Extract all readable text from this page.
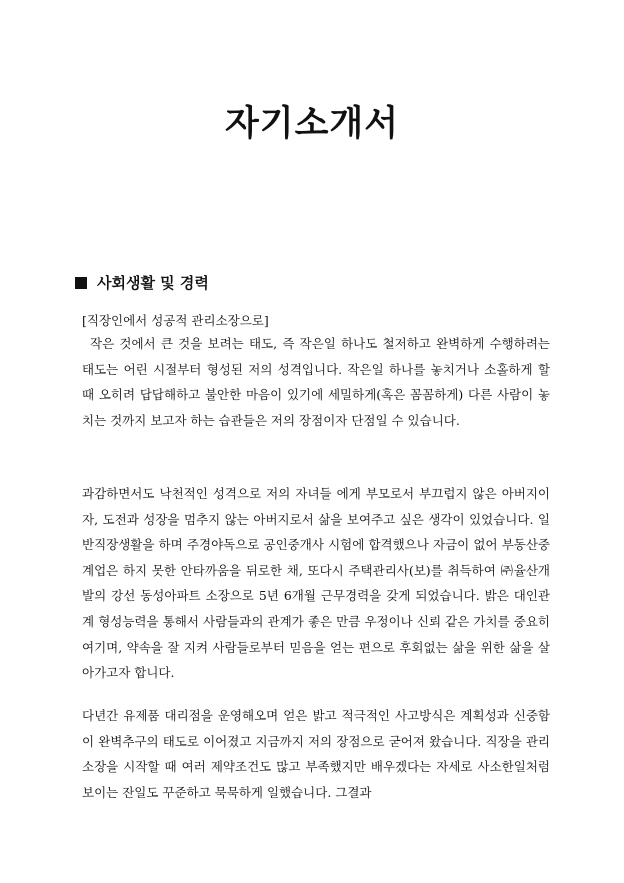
자기소개서
사회생활 및 경력

[직장인에서 성공적 관리소장으로]

작은 것에서 큰 것을 보려는 태도, 즉 작은일 하나도 철저하고 완벽하게 수행하려는 태도는 어린 시절부터 형성된 저의 성격입니다. 작은일 하나를 놓치거나 소홀하게 할 때 오히려 답답해하고 불안한 마음이 있기에 세밀하게(혹은 꼼꼼하게) 다른 사람이 놓치는 것까지 보고자 하는 습관들은 저의 장점이자 단점일 수 있습니다.

과감하면서도 낙천적인 성격으로 저의 자녀들 에게 부모로서 부끄럽지 않은 아버지이자, 도전과 성장을 멈추지 않는 아버지로서 삶을 보여주고 싶은 생각이 있었습니다. 일반직장생활을 하며 주경야독으로 공인중개사 시험에 합격했으나 자금이 없어 부동산중계업은 하지 못한 안타까움을 뒤로한 채, 또다시 주택관리사(보)를 취득하여 ㈜율산개발의 강선 동성아파트 소장으로 5년 6개월 근무경력을 갖게 되었습니다. 밝은 대인관계 형성능력을 통해서 사람들과의 관계가 좋은 만큼 우정이나 신뢰 같은 가치를 중요히 여기며, 약속을 잘 지켜 사람들로부터 믿음을 얻는 편으로 후회없는 삶을 위한 삶을 살아가고자 합니다.

다년간 유제품 대리점을 운영해오며 얻은 밝고 적극적인 사고방식은 계획성과 신중함이 완벽추구의 태도로 이어졌고 지금까지 저의 장점으로 굳어져 왔습니다. 직장을 관리소장을 시작할 때 여러 제약조건도 많고 부족했지만 배우겠다는 자세로 사소한일처럼 보이는 잔일도 꾸준하고 묵묵하게 일했습니다. 그결과
